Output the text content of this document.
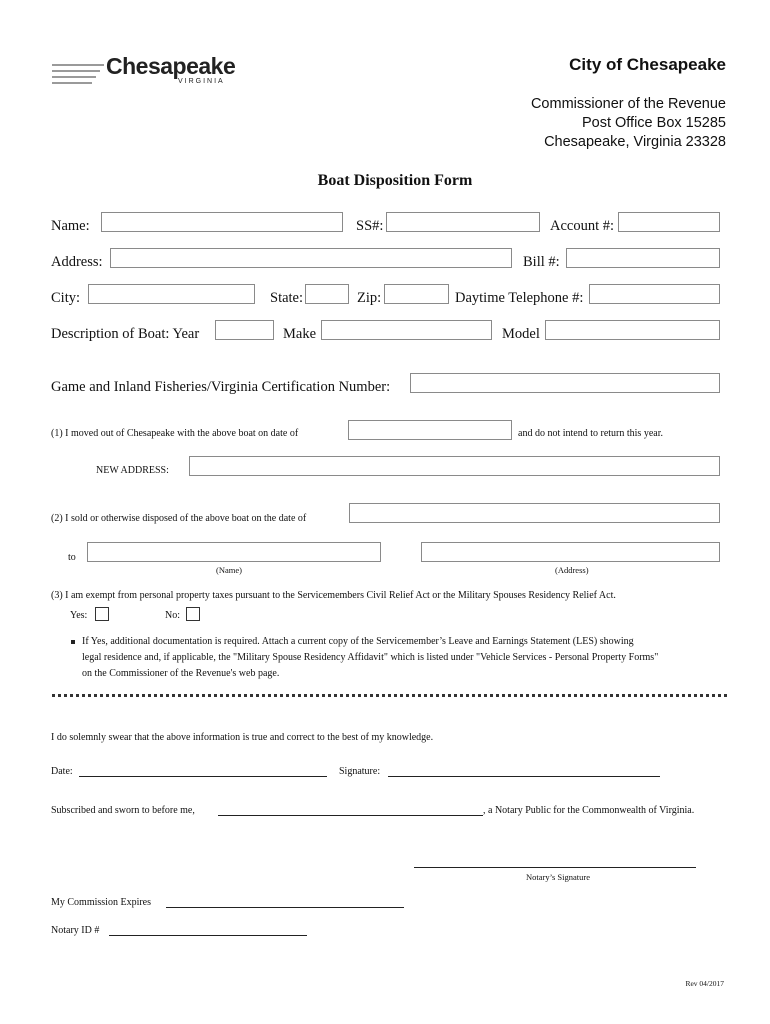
Chesapeake
VIRGINIA
City of Chesapeake
Commissioner of the Revenue
Post Office Box 15285
Chesapeake, Virginia 23328
Boat Disposition Form
Name:	SS#:	Account #:
Address:	Bill #:
City:	State:	Zip:	Daytime Telephone #:
Description of Boat: Year	Make	Model
Game and Inland Fisheries/Virginia Certification Number:
(1) I moved out of Chesapeake with the above boat on date of	and do not intend to return this year.
NEW ADDRESS:
(2) I sold or otherwise disposed of the above boat on the date of
to
(Name)	(Address)
(3) I am exempt from personal property taxes pursuant to the Servicemembers Civil Relief Act or the Military Spouses Residency Relief Act.
Yes:	No:
If Yes, additional documentation is required. Attach a current copy of the Servicemember’s Leave and Earnings Statement (LES) showing
legal residence and, if applicable, the "Military Spouse Residency Affidavit" which is listed under "Vehicle Services - Personal Property Forms"
on the Commissioner of the Revenue's web page.
I do solemnly swear that the above information is true and correct to the best of my knowledge.
Date:	Signature:
Subscribed and sworn to before me,	, a Notary Public for the Commonwealth of Virginia.
Notary’s Signature
My Commission Expires
Notary ID #
Rev 04/2017
